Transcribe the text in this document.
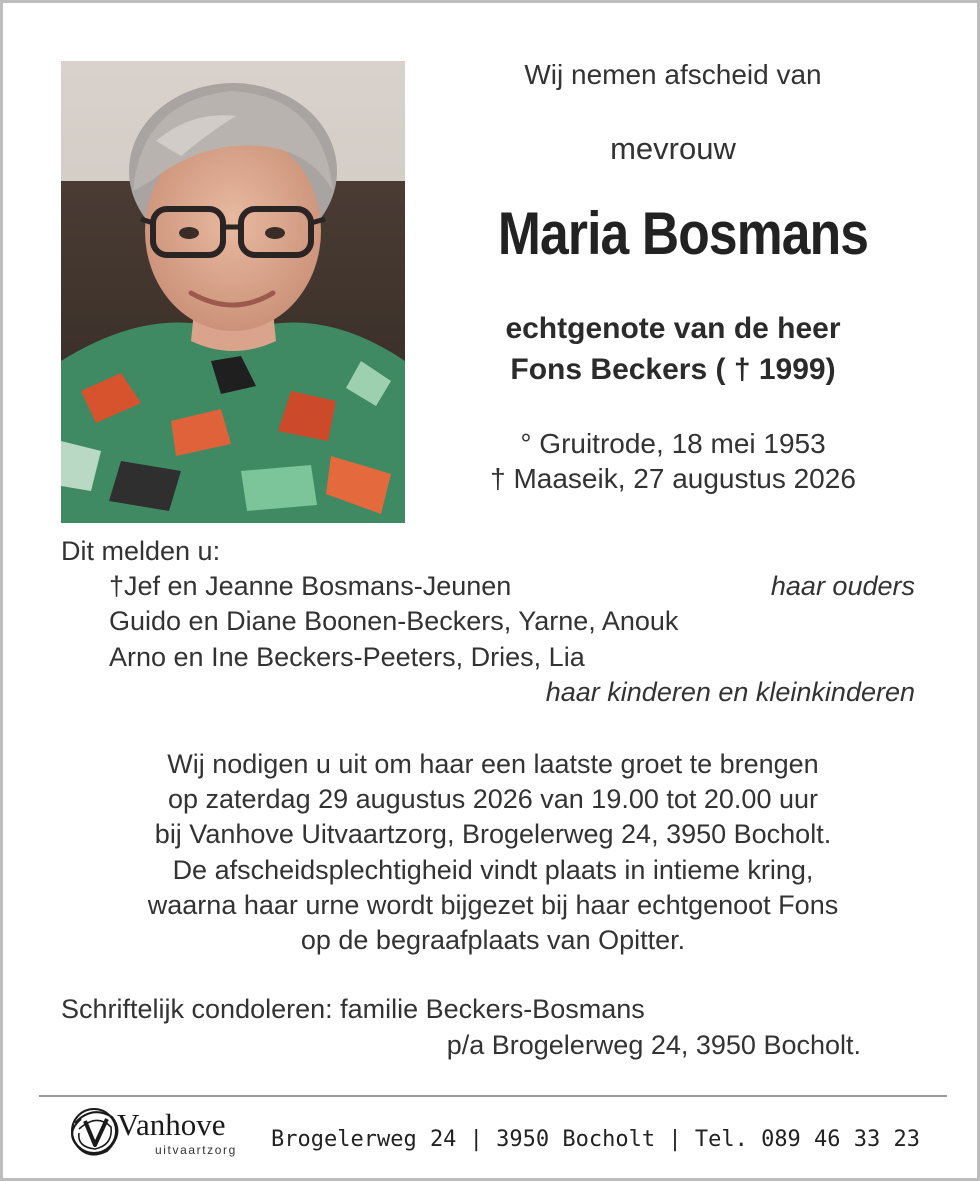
Wij nemen afscheid van
mevrouw
Maria Bosmans
echtgenote van de heer
Fons Beckers ( † 1999)
° Gruitrode, 18 mei 1953
† Maaseik, 27 augustus 2026
Dit melden u:
†Jef en Jeanne Bosmans-Jeunen	haar ouders
Guido en Diane Boonen-Beckers, Yarne, Anouk
Arno en Ine Beckers-Peeters, Dries, Lia
haar kinderen en kleinkinderen
Wij nodigen u uit om haar een laatste groet te brengen
op zaterdag 29 augustus 2026 van 19.00 tot 20.00 uur
bij Vanhove Uitvaartzorg, Brogelerweg 24, 3950 Bocholt.
De afscheidsplechtigheid vindt plaats in intieme kring,
waarna haar urne wordt bijgezet bij haar echtgenoot Fons
op de begraafplaats van Opitter.
Schriftelijk condoleren: familie Beckers-Bosmans
p/a Brogelerweg 24, 3950 Bocholt.
Vanhove
uitvaartzorg Brogelerweg 24 | 3950 Bocholt | Tel. 089 46 33 23
